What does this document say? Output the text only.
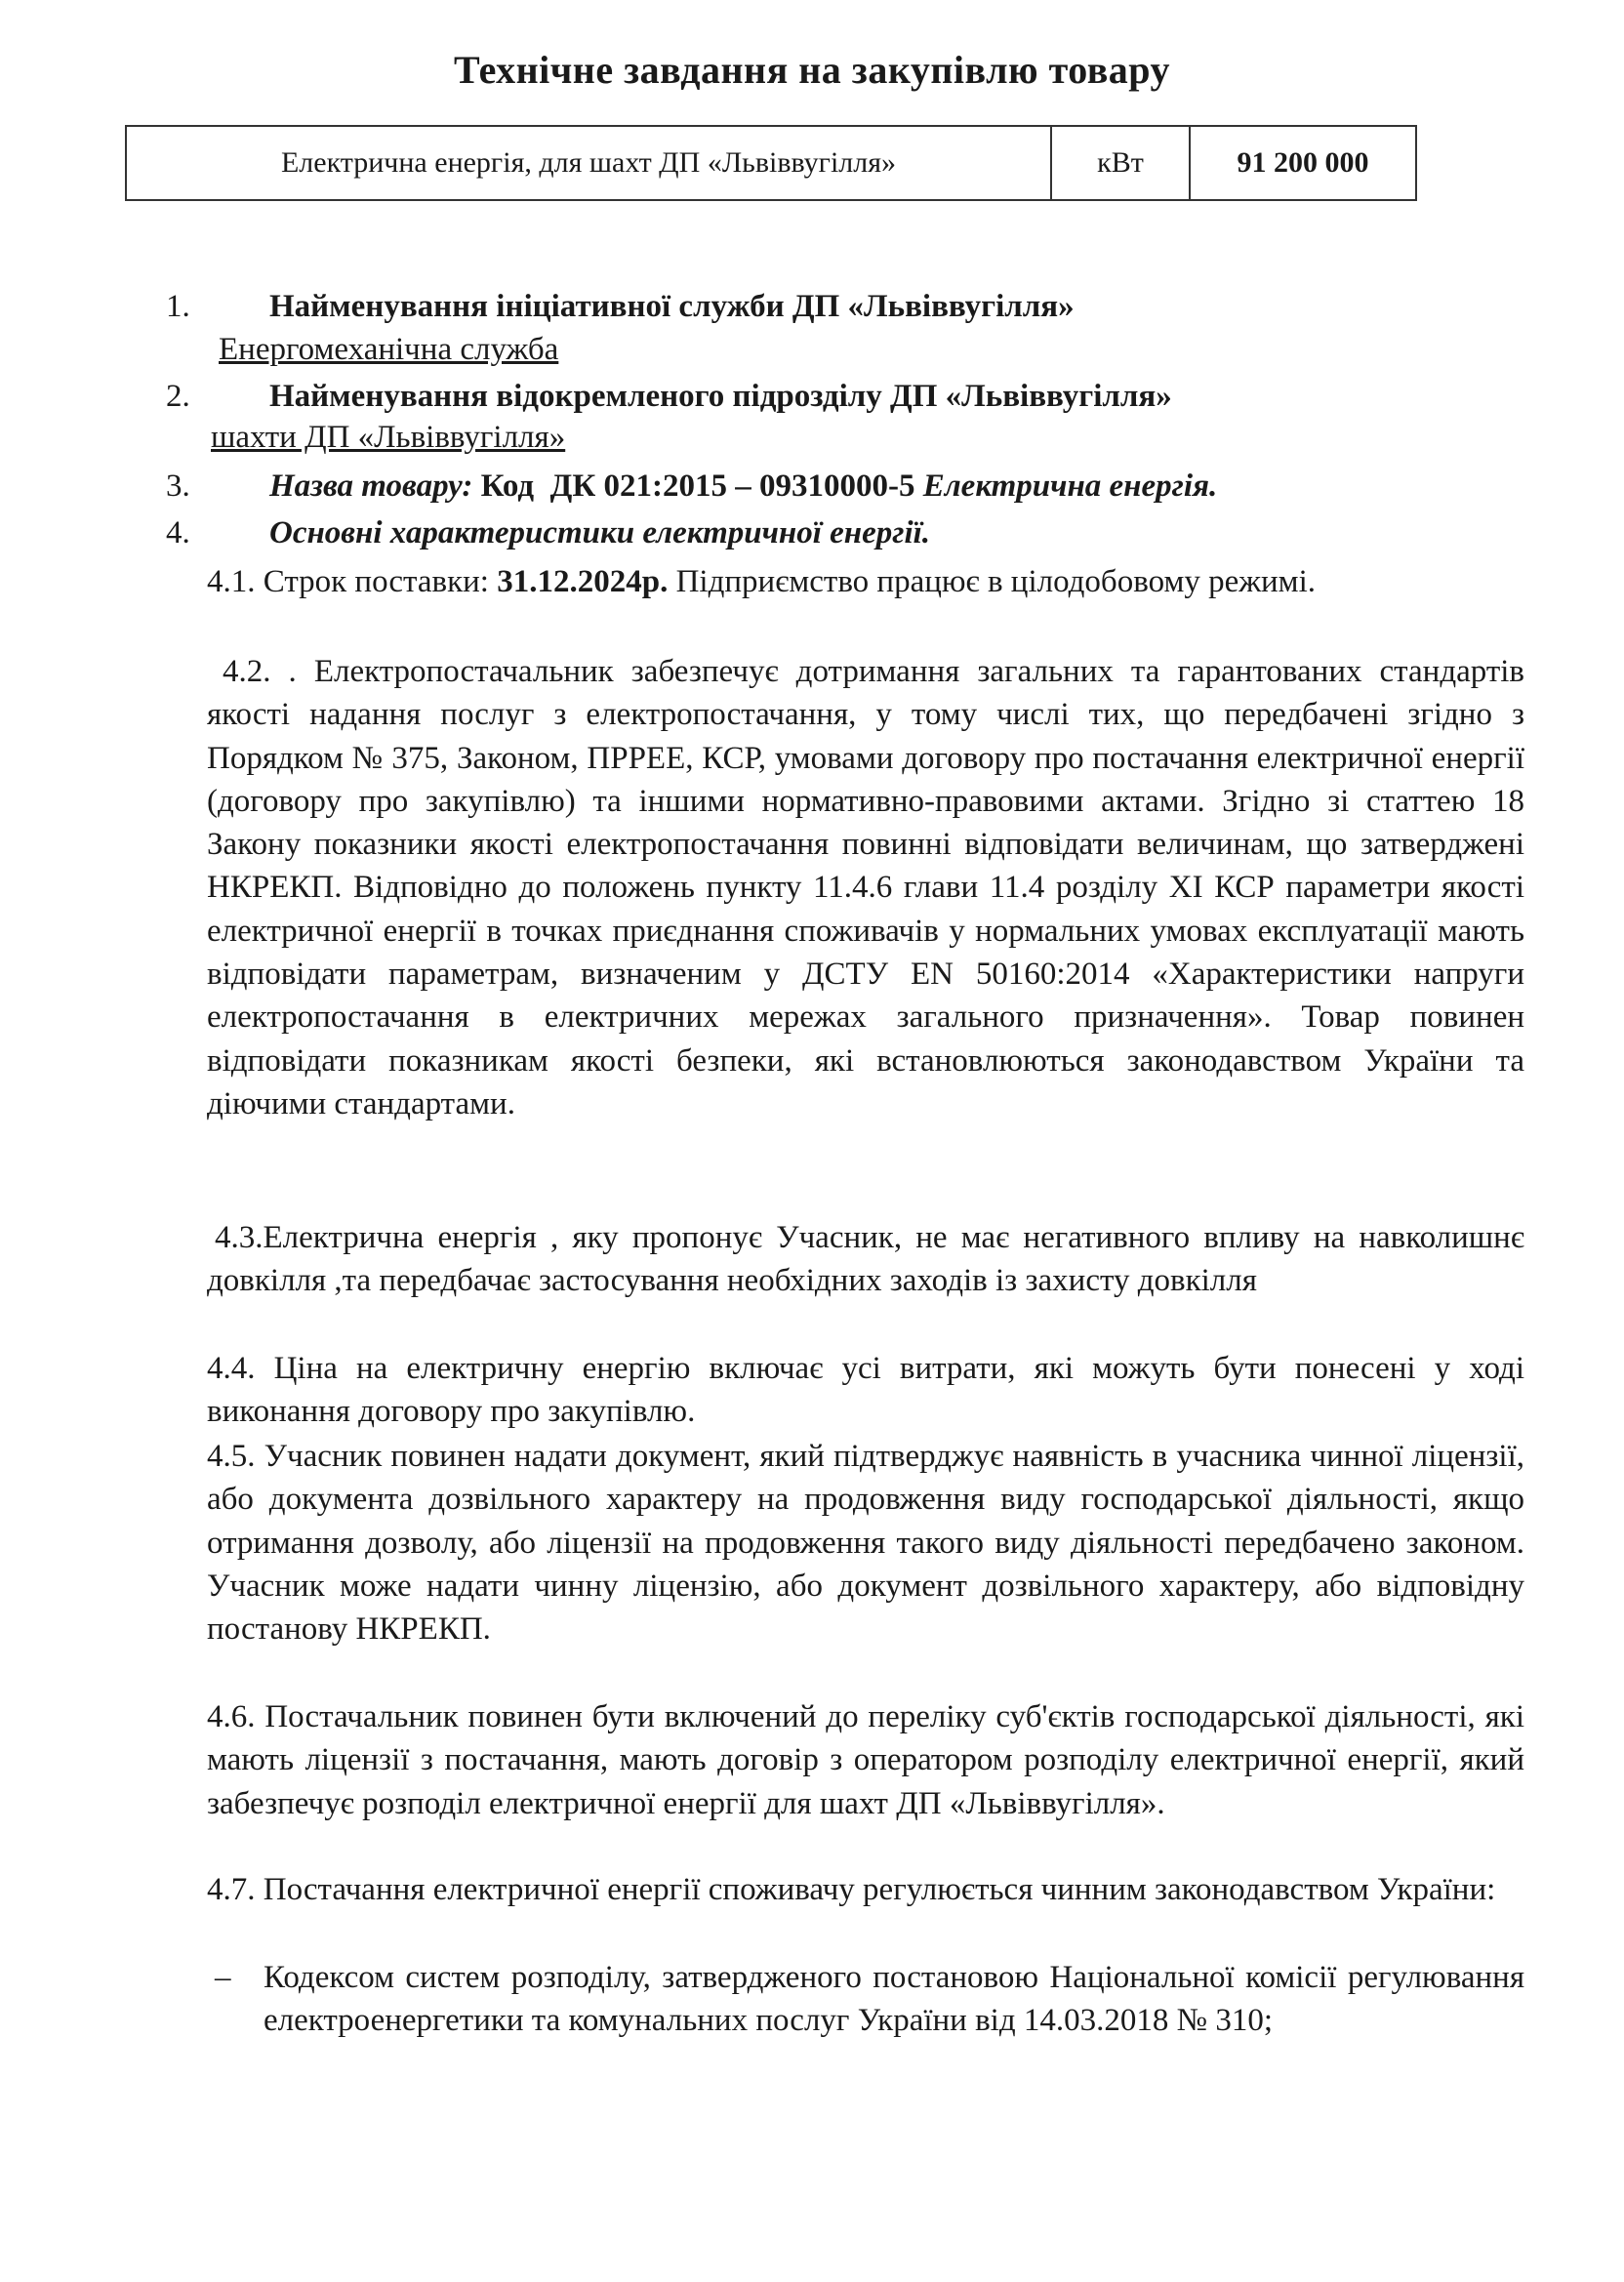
Технічне завдання на закупівлю товару
Електрична енергія, для шахт ДП «Львіввугілля»	кВт	91 200 000
1.	Найменування ініціативної служби ДП «Львіввугілля»
Енергомеханічна служба
2.	Найменування відокремленого підрозділу ДП «Львіввугілля»
шахти ДП «Львіввугілля»
3.	Назва товару: Код  ДК 021:2015 – 09310000-5 Електрична енергія.
4.	Основні характеристики електричної енергії.
4.1. Строк поставки: 31.12.2024р. Підприємство працює в цілодобовому режимі.
4.2. . Електропостачальник забезпечує дотримання загальних та гарантованих стандартів якості надання послуг з електропостачання, у тому числі тих, що передбачені згідно з Порядком № 375, Законом, ПРРЕЕ, КСР, умовами договору про постачання електричної енергії (договору про закупівлю) та іншими нормативно-правовими актами. Згідно зі статтею 18 Закону показники якості електропостачання повинні відповідати величинам, що затверджені НКРЕКП. Відповідно до положень пункту 11.4.6 глави 11.4 розділу XI КСР параметри якості електричної енергії в точках приєднання споживачів у нормальних умовах експлуатації мають відповідати параметрам, визначеним у ДСТУ EN 50160:2014 «Характеристики напруги електропостачання в електричних мережах загального призначення». Товар повинен відповідати показникам якості безпеки, які встановлюються законодавством України та діючими стандартами.
4.3.Електрична енергія , яку пропонує Учасник, не має негативного впливу на навколишнє довкілля ,та передбачає застосування необхідних заходів із захисту довкілля
4.4. Ціна на електричну енергію включає усі витрати, які можуть бути понесені у ході виконання договору про закупівлю.
4.5. Учасник повинен надати документ, який підтверджує наявність в учасника чинної ліцензії, або документа дозвільного характеру на продовження виду господарської діяльності, якщо отримання дозволу, або ліцензії на продовження такого виду діяльності передбачено законом. Учасник може надати чинну ліцензію, або документ дозвільного характеру, або відповідну постанову НКРЕКП.
4.6. Постачальник повинен бути включений до переліку суб'єктів господарської діяльності, які мають ліцензії з постачання, мають договір з оператором розподілу електричної енергії, який забезпечує розподіл електричної енергії для шахт ДП «Львіввугілля».
4.7. Постачання електричної енергії споживачу регулюється чинним законодавством України:
– Кодексом систем розподілу, затвердженого постановою Національної комісії регулювання електроенергетики та комунальних послуг України від 14.03.2018 № 310;
